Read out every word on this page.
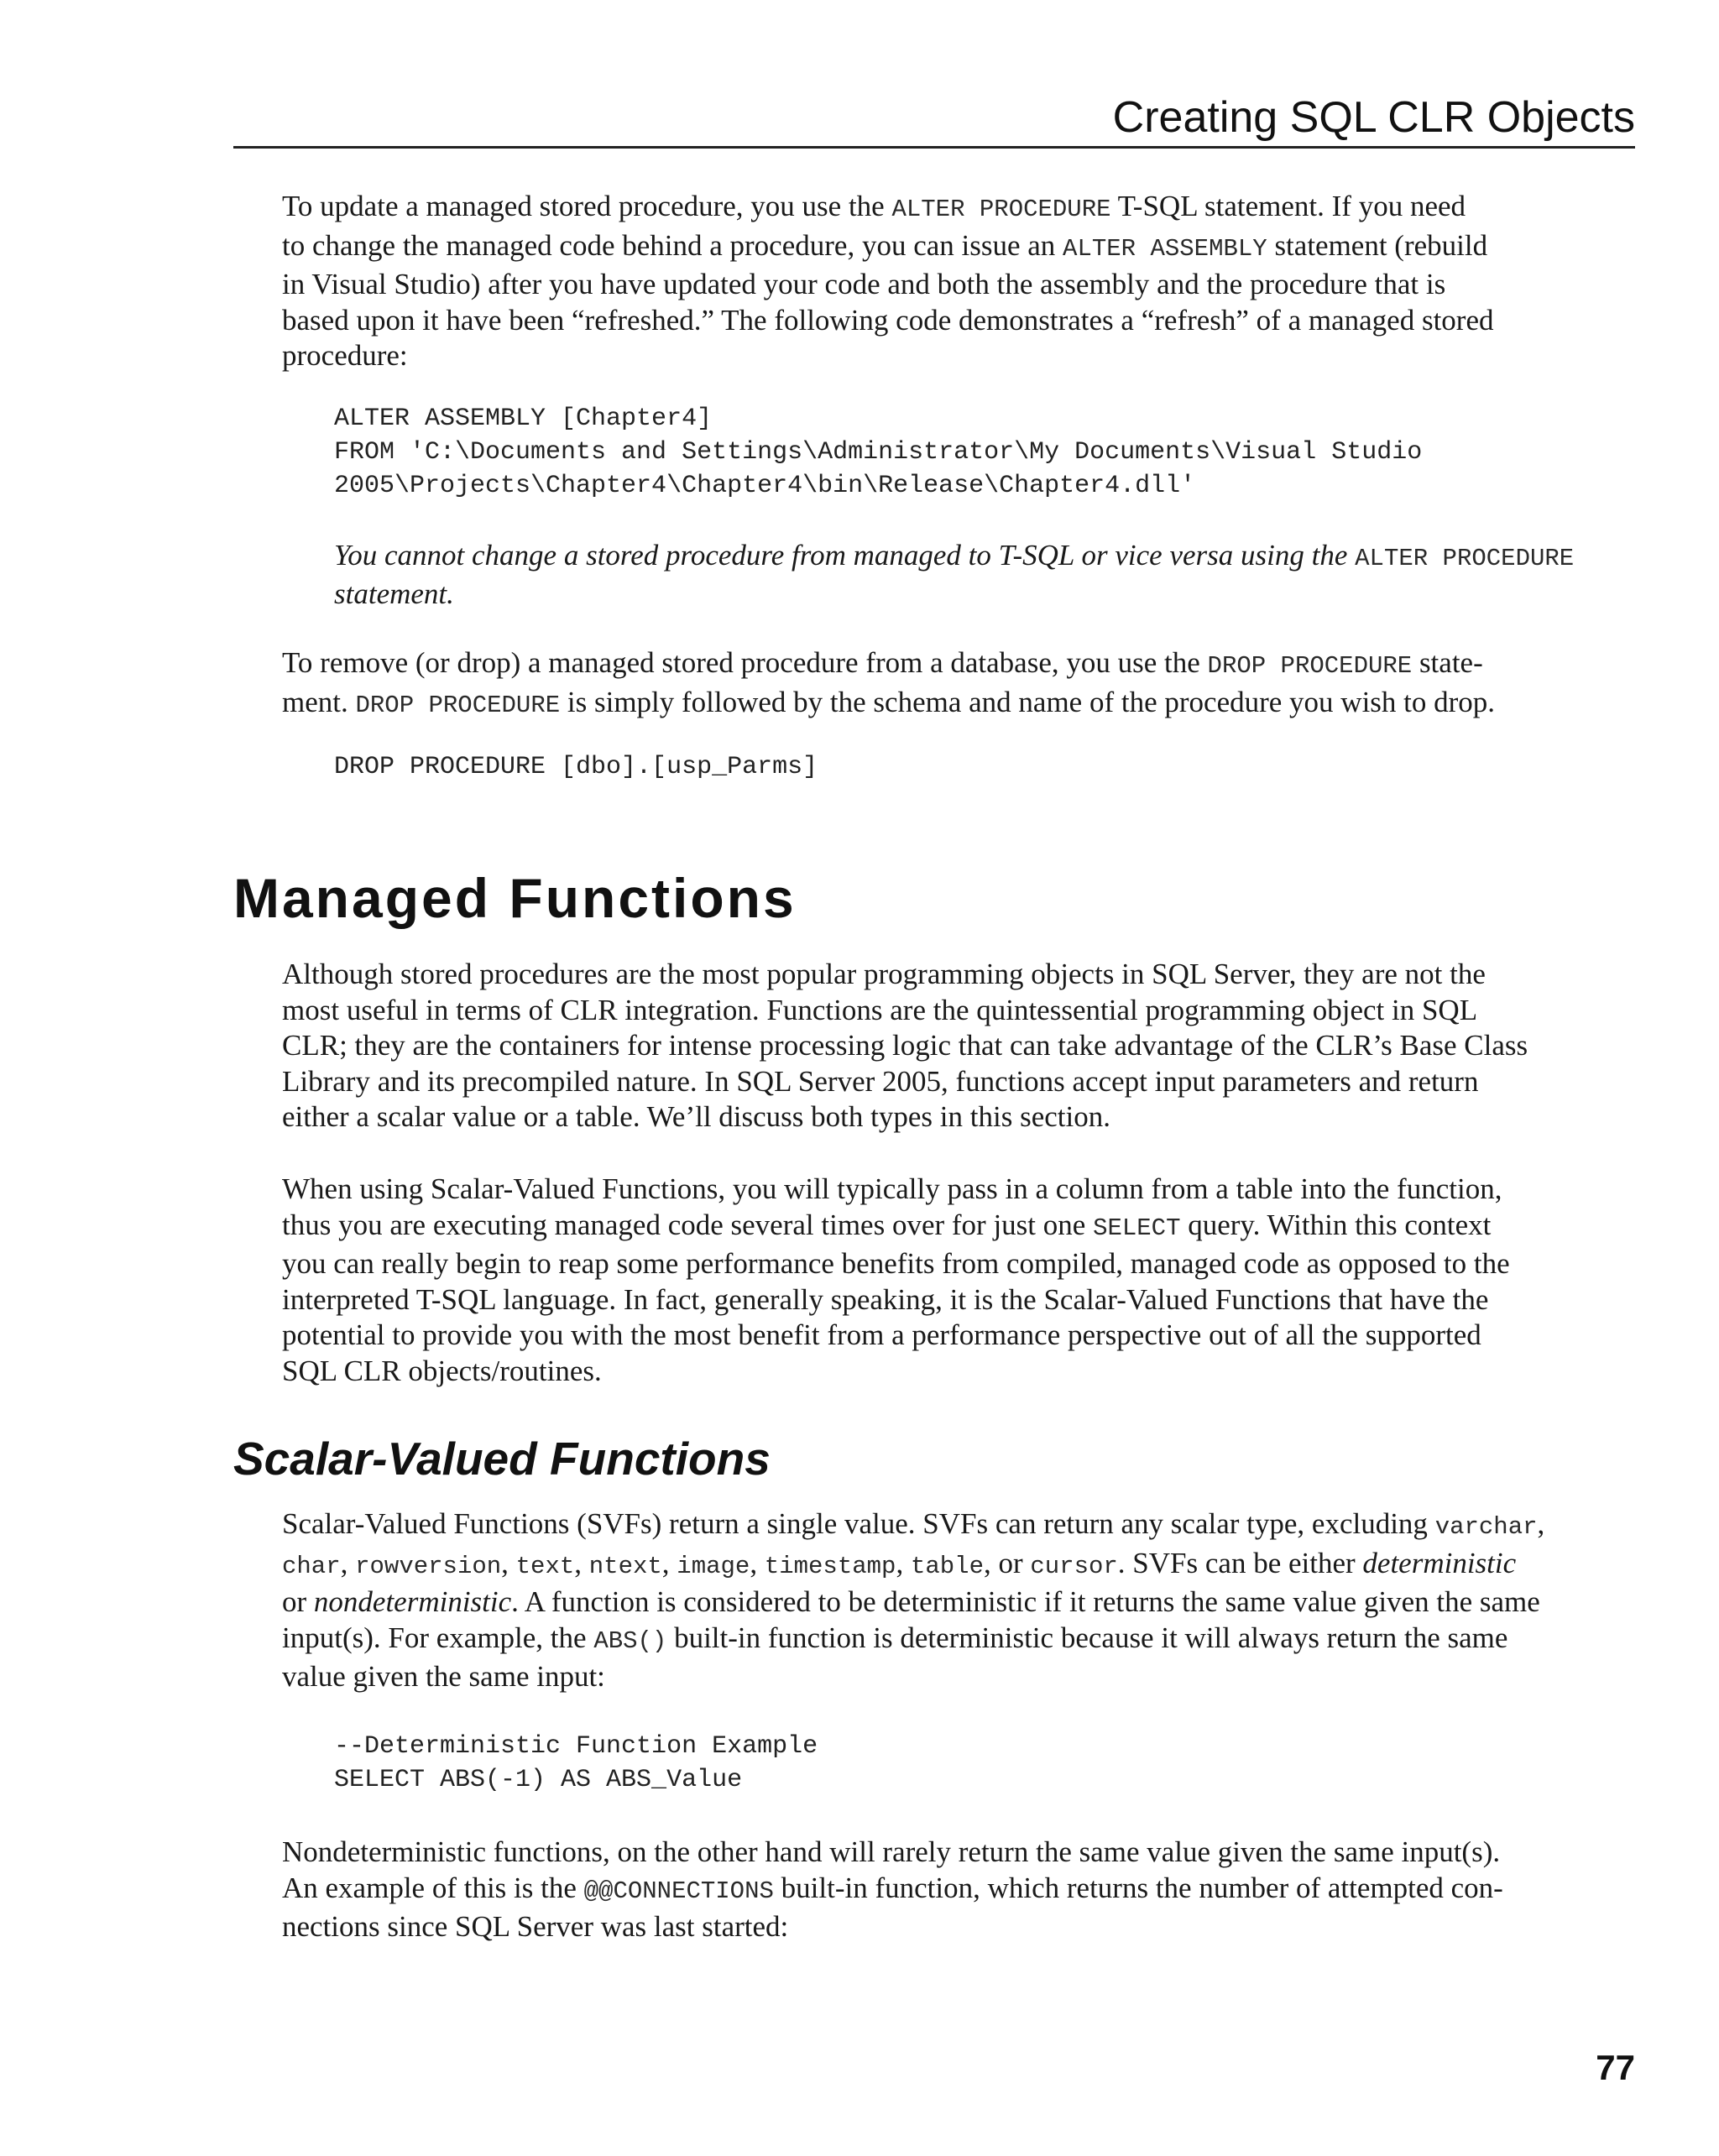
Creating SQL CLR Objects

To update a managed stored procedure, you use the ALTER PROCEDURE T-SQL statement. If you need
to change the managed code behind a procedure, you can issue an ALTER ASSEMBLY statement (rebuild
in Visual Studio) after you have updated your code and both the assembly and the procedure that is
based upon it have been “refreshed.” The following code demonstrates a “refresh” of a managed stored
procedure:

ALTER ASSEMBLY [Chapter4]
FROM 'C:\Documents and Settings\Administrator\My Documents\Visual Studio
2005\Projects\Chapter4\Chapter4\bin\Release\Chapter4.dll'
You cannot change a stored procedure from managed to T-SQL or vice versa using the ALTER PROCEDURE
statement.

To remove (or drop) a managed stored procedure from a database, you use the DROP PROCEDURE state-
ment. DROP PROCEDURE is simply followed by the schema and name of the procedure you wish to drop.

DROP PROCEDURE [dbo].[usp_Parms]
Managed Functions

Although stored procedures are the most popular programming objects in SQL Server, they are not the
most useful in terms of CLR integration. Functions are the quintessential programming object in SQL
CLR; they are the containers for intense processing logic that can take advantage of the CLR’s Base Class
Library and its precompiled nature. In SQL Server 2005, functions accept input parameters and return
either a scalar value or a table. We’ll discuss both types in this section.

When using Scalar-Valued Functions, you will typically pass in a column from a table into the function,
thus you are executing managed code several times over for just one SELECT query. Within this context
you can really begin to reap some performance benefits from compiled, managed code as opposed to the
interpreted T-SQL language. In fact, generally speaking, it is the Scalar-Valued Functions that have the
potential to provide you with the most benefit from a performance perspective out of all the supported
SQL CLR objects/routines.

Scalar-Valued Functions

Scalar-Valued Functions (SVFs) return a single value. SVFs can return any scalar type, excluding varchar,
char, rowversion, text, ntext, image, timestamp, table, or cursor. SVFs can be either deterministic
or nondeterministic. A function is considered to be deterministic if it returns the same value given the same
input(s). For example, the ABS() built-in function is deterministic because it will always return the same
value given the same input:

--Deterministic Function Example
SELECT ABS(-1) AS ABS_Value

Nondeterministic functions, on the other hand will rarely return the same value given the same input(s).
An example of this is the @@CONNECTIONS built-in function, which returns the number of attempted con-
nections since SQL Server was last started:

77
